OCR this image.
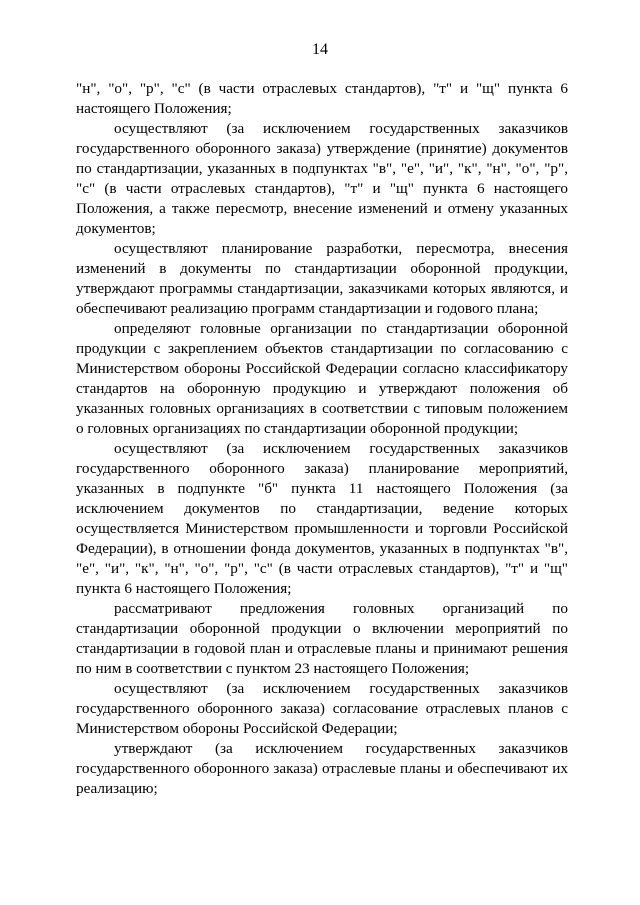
14

"н", "о", "р", "с" (в части отраслевых стандартов), "т" и "щ" пункта 6 настоящего Положения;

осуществляют (за исключением государственных заказчиков государственного оборонного заказа) утверждение (принятие) документов по стандартизации, указанных в подпунктах "в", "е", "и", "к", "н", "о", "р", "с" (в части отраслевых стандартов), "т" и "щ" пункта 6 настоящего Положения, а также пересмотр, внесение изменений и отмену указанных документов;

осуществляют планирование разработки, пересмотра, внесения изменений в документы по стандартизации оборонной продукции, утверждают программы стандартизации, заказчиками которых являются, и обеспечивают реализацию программ стандартизации и годового плана;

определяют головные организации по стандартизации оборонной продукции с закреплением объектов стандартизации по согласованию с Министерством обороны Российской Федерации согласно классификатору стандартов на оборонную продукцию и утверждают положения об указанных головных организациях в соответствии с типовым положением о головных организациях по стандартизации оборонной продукции;

осуществляют (за исключением государственных заказчиков государственного оборонного заказа) планирование мероприятий, указанных в подпункте "б" пункта 11 настоящего Положения (за исключением документов по стандартизации, ведение которых осуществляется Министерством промышленности и торговли Российской Федерации), в отношении фонда документов, указанных в подпунктах "в", "е", "и", "к", "н", "о", "р", "с" (в части отраслевых стандартов), "т" и "щ" пункта 6 настоящего Положения;

рассматривают предложения головных организаций по стандартизации оборонной продукции о включении мероприятий по стандартизации в годовой план и отраслевые планы и принимают решения по ним в соответствии с пунктом 23 настоящего Положения;

осуществляют (за исключением государственных заказчиков государственного оборонного заказа) согласование отраслевых планов с Министерством обороны Российской Федерации;

утверждают (за исключением государственных заказчиков государственного оборонного заказа) отраслевые планы и обеспечивают их реализацию;
